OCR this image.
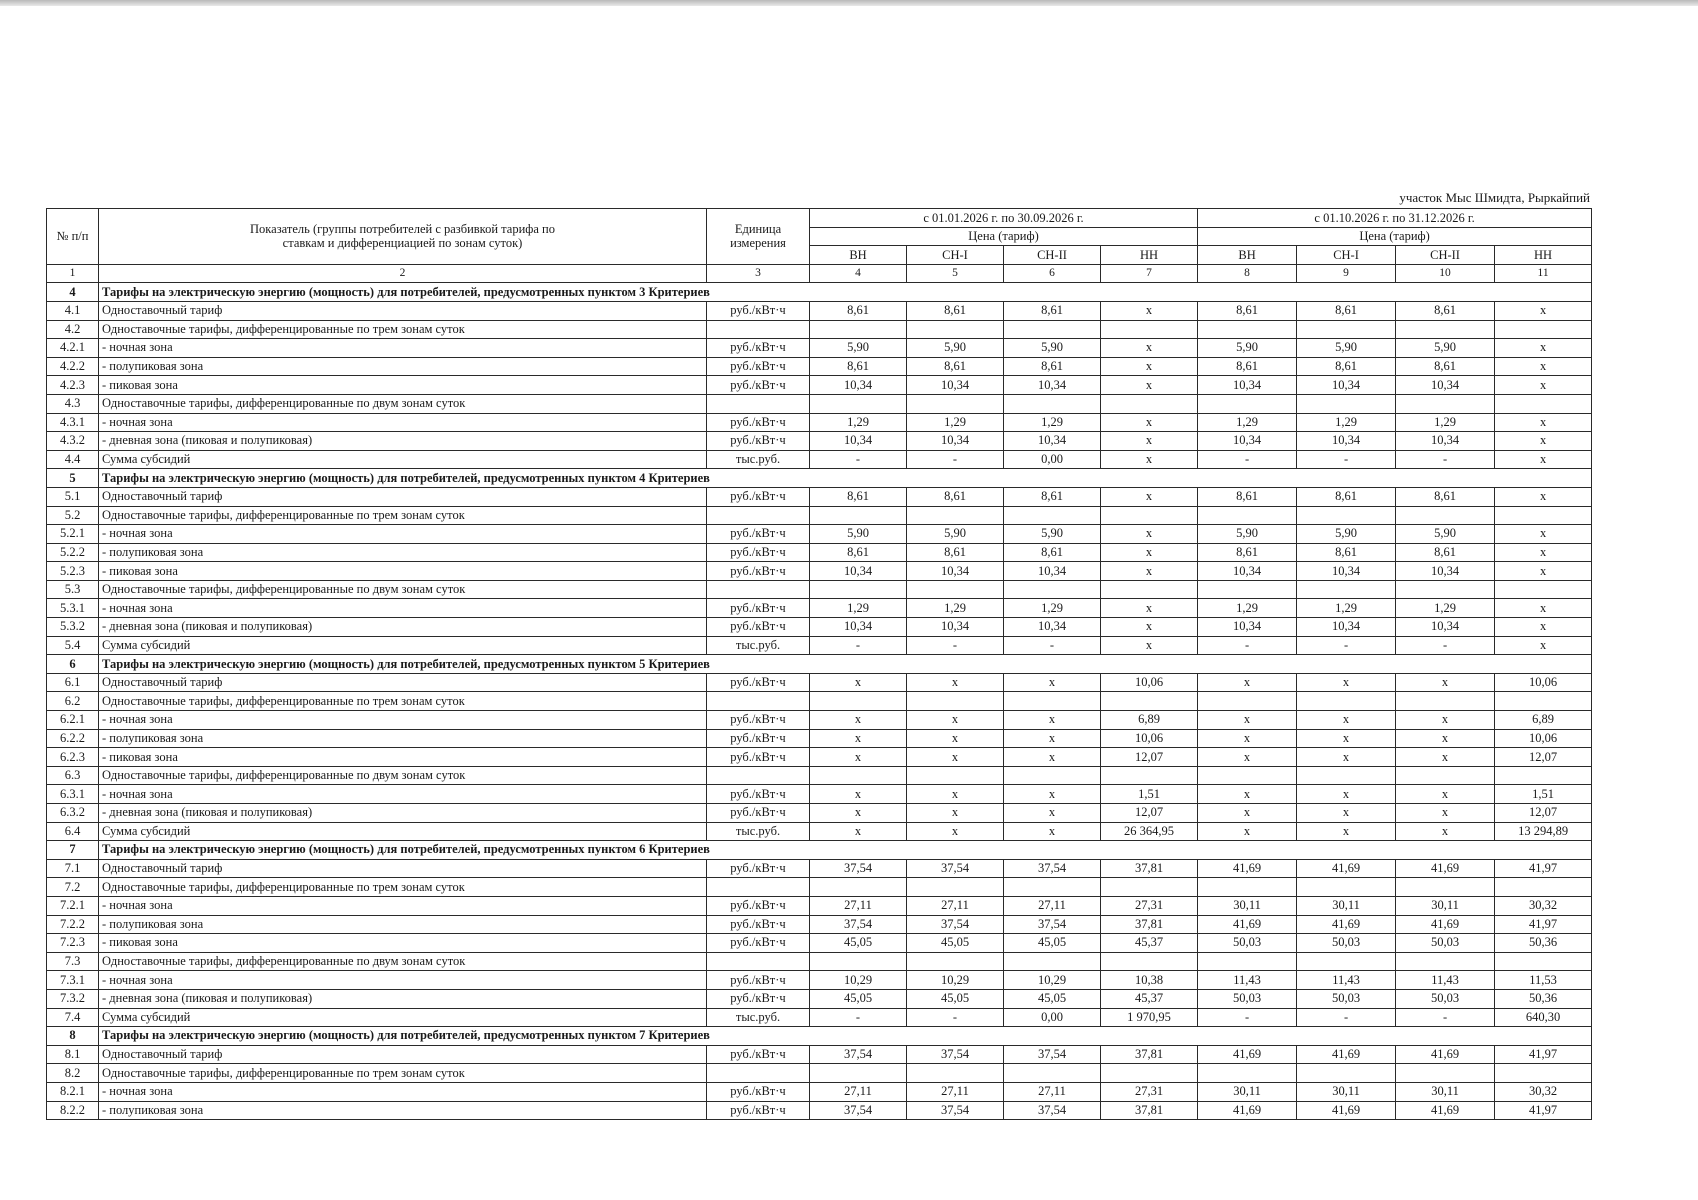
участок Мыс Шмидта, Рыркайпий
№ п/п	Показатель (группы потребителей с разбивкой тарифа по ставкам и дифференциацией по зонам суток)	Единица измерения	с 01.01.2026 г. по 30.09.2026 г.				с 01.10.2026 г. по 31.12.2026 г.			
			Цена (тариф)				Цена (тариф)			
			ВН	СН-I	СН-II	НН	ВН	СН-I	СН-II	НН
1	2	3	4	5	6	7	8	9	10	11
4	Тарифы на электрическую энергию (мощность) для потребителей, предусмотренных пунктом 3 Критериев									
4.1	Одноставочный тариф	руб./кВт·ч	8,61	8,61	8,61	x	8,61	8,61	8,61	x
4.2	Одноставочные тарифы, дифференцированные по трем зонам суток									
4.2.1	- ночная зона	руб./кВт·ч	5,90	5,90	5,90	x	5,90	5,90	5,90	x
4.2.2	- полупиковая зона	руб./кВт·ч	8,61	8,61	8,61	x	8,61	8,61	8,61	x
4.2.3	- пиковая зона	руб./кВт·ч	10,34	10,34	10,34	x	10,34	10,34	10,34	x
4.3	Одноставочные тарифы, дифференцированные по двум зонам суток									
4.3.1	- ночная зона	руб./кВт·ч	1,29	1,29	1,29	x	1,29	1,29	1,29	x
4.3.2	- дневная зона (пиковая и полупиковая)	руб./кВт·ч	10,34	10,34	10,34	x	10,34	10,34	10,34	x
4.4	Сумма субсидий	тыс.руб.	-	-	0,00	x	-	-	-	x
5	Тарифы на электрическую энергию (мощность) для потребителей, предусмотренных пунктом 4 Критериев									
5.1	Одноставочный тариф	руб./кВт·ч	8,61	8,61	8,61	x	8,61	8,61	8,61	x
5.2	Одноставочные тарифы, дифференцированные по трем зонам суток									
5.2.1	- ночная зона	руб./кВт·ч	5,90	5,90	5,90	x	5,90	5,90	5,90	x
5.2.2	- полупиковая зона	руб./кВт·ч	8,61	8,61	8,61	x	8,61	8,61	8,61	x
5.2.3	- пиковая зона	руб./кВт·ч	10,34	10,34	10,34	x	10,34	10,34	10,34	x
5.3	Одноставочные тарифы, дифференцированные по двум зонам суток									
5.3.1	- ночная зона	руб./кВт·ч	1,29	1,29	1,29	x	1,29	1,29	1,29	x
5.3.2	- дневная зона (пиковая и полупиковая)	руб./кВт·ч	10,34	10,34	10,34	x	10,34	10,34	10,34	x
5.4	Сумма субсидий	тыс.руб.	-	-	-	x	-	-	-	x
6	Тарифы на электрическую энергию (мощность) для потребителей, предусмотренных пунктом 5 Критериев									
6.1	Одноставочный тариф	руб./кВт·ч	x	x	x	10,06	x	x	x	10,06
6.2	Одноставочные тарифы, дифференцированные по трем зонам суток									
6.2.1	- ночная зона	руб./кВт·ч	x	x	x	6,89	x	x	x	6,89
6.2.2	- полупиковая зона	руб./кВт·ч	x	x	x	10,06	x	x	x	10,06
6.2.3	- пиковая зона	руб./кВт·ч	x	x	x	12,07	x	x	x	12,07
6.3	Одноставочные тарифы, дифференцированные по двум зонам суток									
6.3.1	- ночная зона	руб./кВт·ч	x	x	x	1,51	x	x	x	1,51
6.3.2	- дневная зона (пиковая и полупиковая)	руб./кВт·ч	x	x	x	12,07	x	x	x	12,07
6.4	Сумма субсидий	тыс.руб.	x	x	x	26 364,95	x	x	x	13 294,89
7	Тарифы на электрическую энергию (мощность) для потребителей, предусмотренных пунктом 6 Критериев									
7.1	Одноставочный тариф	руб./кВт·ч	37,54	37,54	37,54	37,81	41,69	41,69	41,69	41,97
7.2	Одноставочные тарифы, дифференцированные по трем зонам суток									
7.2.1	- ночная зона	руб./кВт·ч	27,11	27,11	27,11	27,31	30,11	30,11	30,11	30,32
7.2.2	- полупиковая зона	руб./кВт·ч	37,54	37,54	37,54	37,81	41,69	41,69	41,69	41,97
7.2.3	- пиковая зона	руб./кВт·ч	45,05	45,05	45,05	45,37	50,03	50,03	50,03	50,36
7.3	Одноставочные тарифы, дифференцированные по двум зонам суток									
7.3.1	- ночная зона	руб./кВт·ч	10,29	10,29	10,29	10,38	11,43	11,43	11,43	11,53
7.3.2	- дневная зона (пиковая и полупиковая)	руб./кВт·ч	45,05	45,05	45,05	45,37	50,03	50,03	50,03	50,36
7.4	Сумма субсидий	тыс.руб.	-	-	0,00	1 970,95	-	-	-	640,30
8	Тарифы на электрическую энергию (мощность) для потребителей, предусмотренных пунктом 7 Критериев									
8.1	Одноставочный тариф	руб./кВт·ч	37,54	37,54	37,54	37,81	41,69	41,69	41,69	41,97
8.2	Одноставочные тарифы, дифференцированные по трем зонам суток									
8.2.1	- ночная зона	руб./кВт·ч	27,11	27,11	27,11	27,31	30,11	30,11	30,11	30,32
8.2.2	- полупиковая зона	руб./кВт·ч	37,54	37,54	37,54	37,81	41,69	41,69	41,69	41,97
